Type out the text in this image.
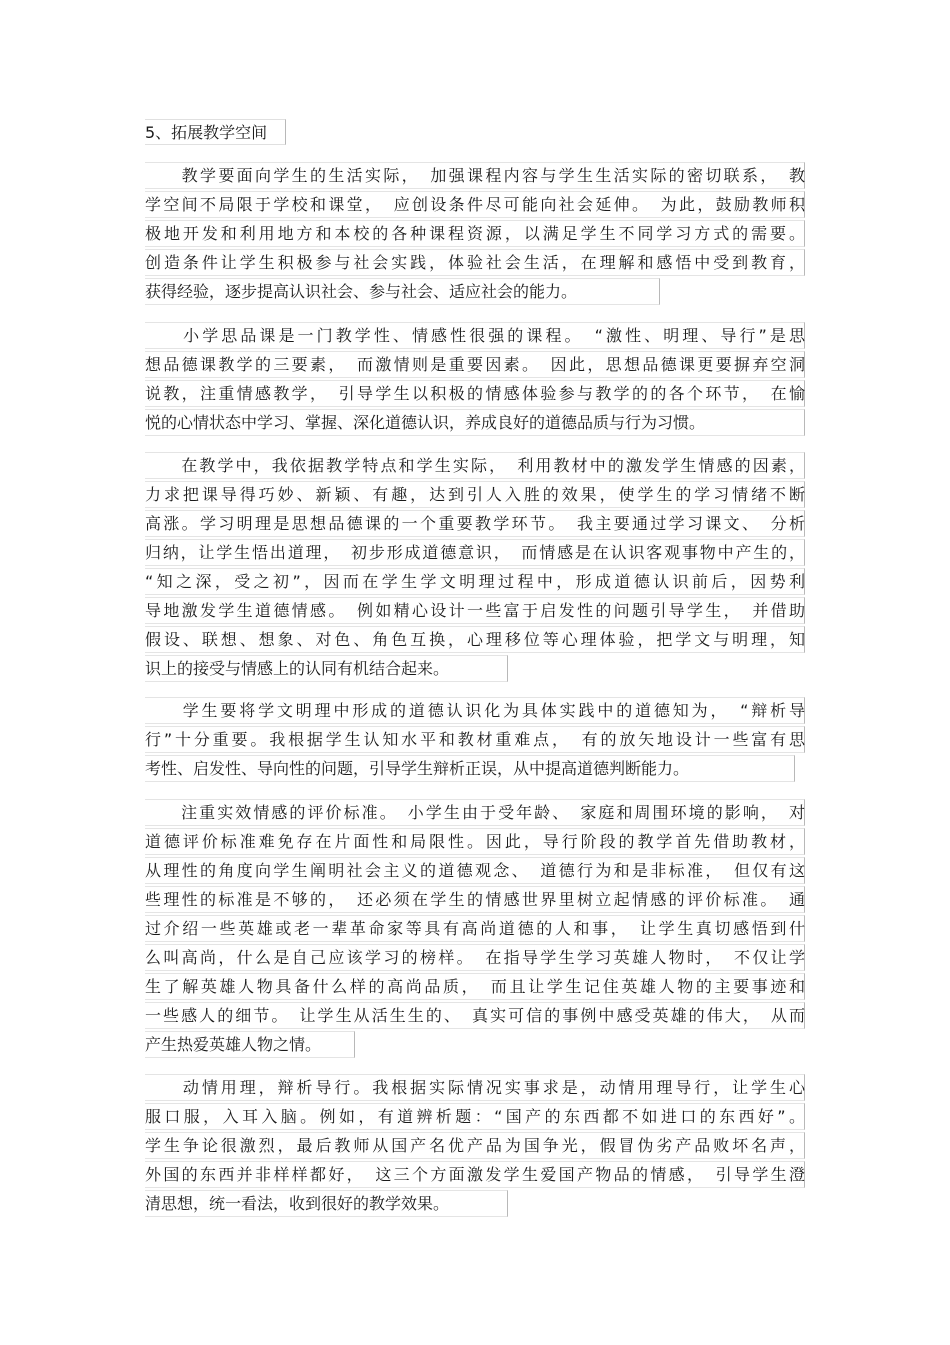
5、拓展教学空间
　　教学要面向学生的生活实际，　加强课程内容与学生生活实际的密切联系，　教
学空间不局限于学校和课堂，　应创设条件尽可能向社会延伸。　为此，鼓励教师积
极地开发和利用地方和本校的各种课程资源，以满足学生不同学习方式的需要。
创造条件让学生积极参与社会实践，体验社会生活，在理解和感悟中受到教育，
获得经验，逐步提高认识社会、参与社会、适应社会的能力。
　　小学思品课是一门教学性、情感性很强的课程。　“激性、明理、导行”是思
想品德课教学的三要素，　而激情则是重要因素。　因此，思想品德课更要摒弃空洞
说教，注重情感教学，　引导学生以积极的情感体验参与教学的的各个环节，　在愉
悦的心情状态中学习、掌握、深化道德认识，养成良好的道德品质与行为习惯。
　　在教学中，我依据教学特点和学生实际，　利用教材中的激发学生情感的因素，
力求把课导得巧妙、新颖、有趣，达到引人入胜的效果，使学生的学习情绪不断
高涨。学习明理是思想品德课的一个重要教学环节。　我主要通过学习课文、　分析
归纳，让学生悟出道理，　初步形成道德意识，　而情感是在认识客观事物中产生的，
“知之深，受之初”，因而在学生学文明理过程中，形成道德认识前后，因势利
导地激发学生道德情感。　例如精心设计一些富于启发性的问题引导学生，　并借助
假设、联想、想象、对色、角色互换，心理移位等心理体验，把学文与明理，知
识上的接受与情感上的认同有机结合起来。
　　学生要将学文明理中形成的道德认识化为具体实践中的道德知为，　“辩析导
行”十分重要。我根据学生认知水平和教材重难点，　有的放矢地设计一些富有思
考性、启发性、导向性的问题，引导学生辩析正误，从中提高道德判断能力。
　　注重实效情感的评价标准。　小学生由于受年龄、　家庭和周围环境的影响，　对
道德评价标准难免存在片面性和局限性。因此，导行阶段的教学首先借助教材，
从理性的角度向学生阐明社会主义的道德观念、　道德行为和是非标准，　但仅有这
些理性的标准是不够的，　还必须在学生的情感世界里树立起情感的评价标准。　通
过介绍一些英雄或老一辈革命家等具有高尚道德的人和事，　让学生真切感悟到什
么叫高尚，什么是自己应该学习的榜样。　在指导学生学习英雄人物时，　不仅让学
生了解英雄人物具备什么样的高尚品质，　而且让学生记住英雄人物的主要事迹和
一些感人的细节。　让学生从活生生的、　真实可信的事例中感受英雄的伟大，　从而
产生热爱英雄人物之情。
　　动情用理，辩析导行。我根据实际情况实事求是，动情用理导行，让学生心
服口服，入耳入脑。例如，有道辨析题：“国产的东西都不如进口的东西好”。
学生争论很激烈，最后教师从国产名优产品为国争光，假冒伪劣产品败坏名声，
外国的东西并非样样都好，　这三个方面激发学生爱国产物品的情感，　引导学生澄
清思想，统一看法，收到很好的教学效果。
